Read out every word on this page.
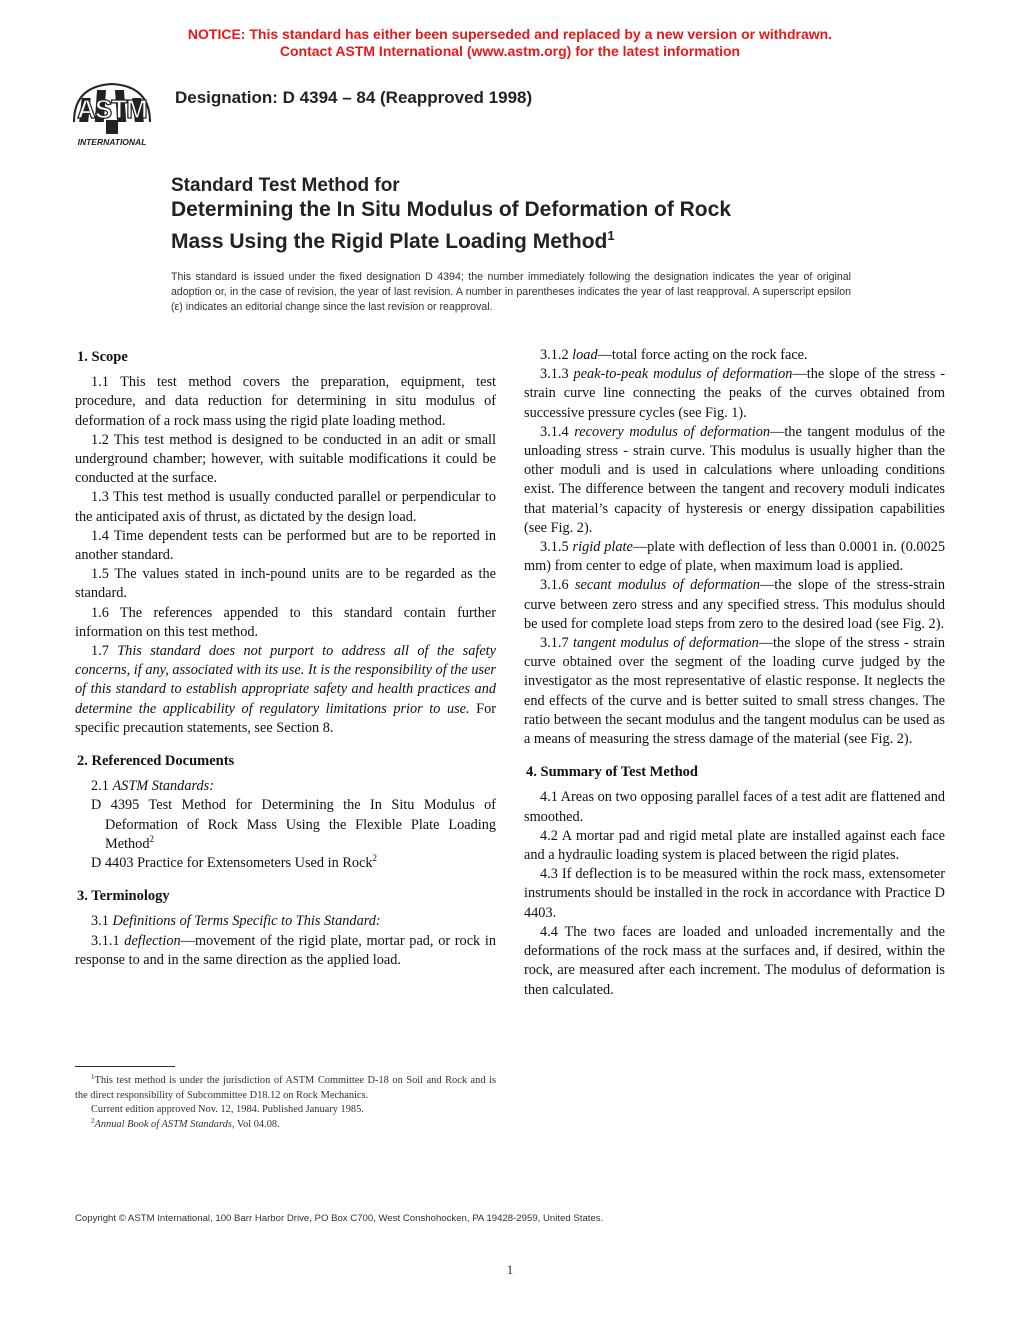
NOTICE: This standard has either been superseded and replaced by a new version or withdrawn.
Contact ASTM International (www.astm.org) for the latest information
ASTM
INTERNATIONAL
Designation: D 4394 – 84 (Reapproved 1998)
Standard Test Method for
Determining the In Situ Modulus of Deformation of Rock
Mass Using the Rigid Plate Loading Method$^1$
This standard is issued under the fixed designation D 4394; the number immediately following the designation indicates the year of original adoption or, in the case of revision, the year of last revision. A number in parentheses indicates the year of last reapproval. A superscript epsilon (ε) indicates an editorial change since the last revision or reapproval.
1. Scope

1.1 This test method covers the preparation, equipment, test procedure, and data reduction for determining in situ modulus of deformation of a rock mass using the rigid plate loading method.

1.2 This test method is designed to be conducted in an adit or small underground chamber; however, with suitable modifications it could be conducted at the surface.

1.3 This test method is usually conducted parallel or perpendicular to the anticipated axis of thrust, as dictated by the design load.

1.4 Time dependent tests can be performed but are to be reported in another standard.

1.5 The values stated in inch-pound units are to be regarded as the standard.

1.6 The references appended to this standard contain further information on this test method.

1.7 This standard does not purport to address all of the safety concerns, if any, associated with its use. It is the responsibility of the user of this standard to establish appropriate safety and health practices and determine the applicability of regulatory limitations prior to use. For specific precaution statements, see Section 8.

2. Referenced Documents

2.1 ASTM Standards:

D 4395 Test Method for Determining the In Situ Modulus of Deformation of Rock Mass Using the Flexible Plate Loading Method$^2$

D 4403 Practice for Extensometers Used in Rock$^2$

3. Terminology

3.1 Definitions of Terms Specific to This Standard:

3.1.1 deflection—movement of the rigid plate, mortar pad, or rock in response to and in the same direction as the applied load.

3.1.2 load—total force acting on the rock face.

3.1.3 peak-to-peak modulus of deformation—the slope of the stress - strain curve line connecting the peaks of the curves obtained from successive pressure cycles (see Fig. 1).

3.1.4 recovery modulus of deformation—the tangent modulus of the unloading stress - strain curve. This modulus is usually higher than the other moduli and is used in calculations where unloading conditions exist. The difference between the tangent and recovery moduli indicates that material’s capacity of hysteresis or energy dissipation capabilities (see Fig. 2).

3.1.5 rigid plate—plate with deflection of less than 0.0001 in. (0.0025 mm) from center to edge of plate, when maximum load is applied.

3.1.6 secant modulus of deformation—the slope of the stress-strain curve between zero stress and any specified stress. This modulus should be used for complete load steps from zero to the desired load (see Fig. 2).

3.1.7 tangent modulus of deformation—the slope of the stress - strain curve obtained over the segment of the loading curve judged by the investigator as the most representative of elastic response. It neglects the end effects of the curve and is better suited to small stress changes. The ratio between the secant modulus and the tangent modulus can be used as a means of measuring the stress damage of the material (see Fig. 2).

4. Summary of Test Method

4.1 Areas on two opposing parallel faces of a test adit are flattened and smoothed.

4.2 A mortar pad and rigid metal plate are installed against each face and a hydraulic loading system is placed between the rigid plates.

4.3 If deflection is to be measured within the rock mass, extensometer instruments should be installed in the rock in accordance with Practice D 4403.

4.4 The two faces are loaded and unloaded incrementally and the deformations of the rock mass at the surfaces and, if desired, within the rock, are measured after each increment. The modulus of deformation is then calculated.

$^1$This test method is under the jurisdiction of ASTM Committee D-18 on Soil and Rock and is the direct responsibility of Subcommittee D18.12 on Rock Mechanics.

Current edition approved Nov. 12, 1984. Published January 1985.

$^2$Annual Book of ASTM Standards, Vol 04.08.

Copyright © ASTM International, 100 Barr Harbor Drive, PO Box C700, West Conshohocken, PA 19428-2959, United States.
1
